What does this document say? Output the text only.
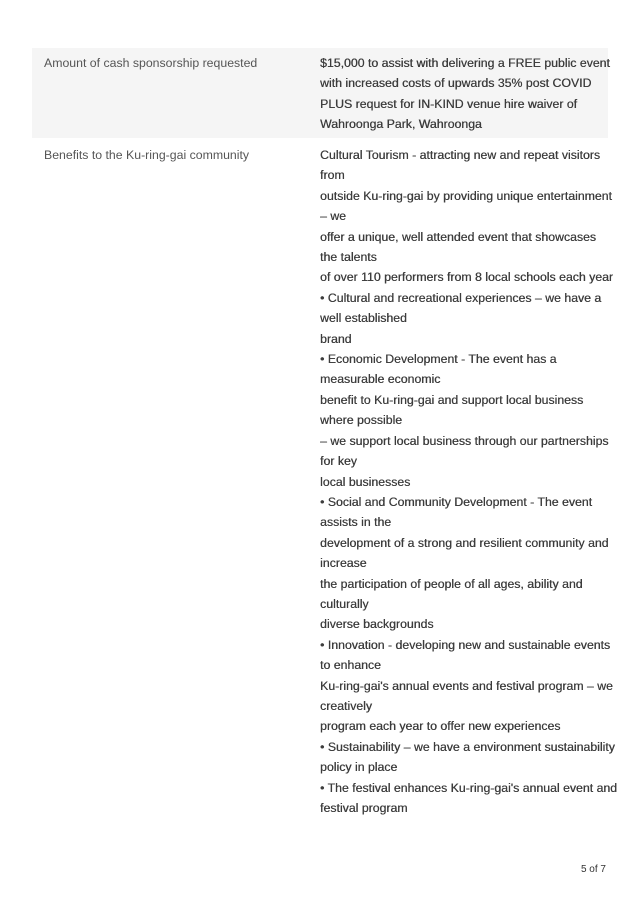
Amount of cash sponsorship requested	$15,000 to assist with delivering a FREE public event
with increased costs of upwards 35% post COVID
PLUS request for IN-KIND venue hire waiver of
Wahroonga Park, Wahroonga
Benefits to the Ku-ring-gai community	Cultural Tourism - attracting new and repeat visitors
from
outside Ku-ring-gai by providing unique entertainment
– we
offer a unique, well attended event that showcases
the talents
of over 110 performers from 8 local schools each year
• Cultural and recreational experiences – we have a
well established
brand
• Economic Development - The event has a
measurable economic
benefit to Ku-ring-gai and support local business
where possible
– we support local business through our partnerships
for key
local businesses
• Social and Community Development - The event
assists in the
development of a strong and resilient community and
increase
the participation of people of all ages, ability and
culturally
diverse backgrounds
• Innovation - developing new and sustainable events
to enhance
Ku-ring-gai's annual events and festival program – we
creatively
program each year to offer new experiences
• Sustainability – we have a environment sustainability
policy in place
• The festival enhances Ku-ring-gai's annual event and
festival program
5 of 7
